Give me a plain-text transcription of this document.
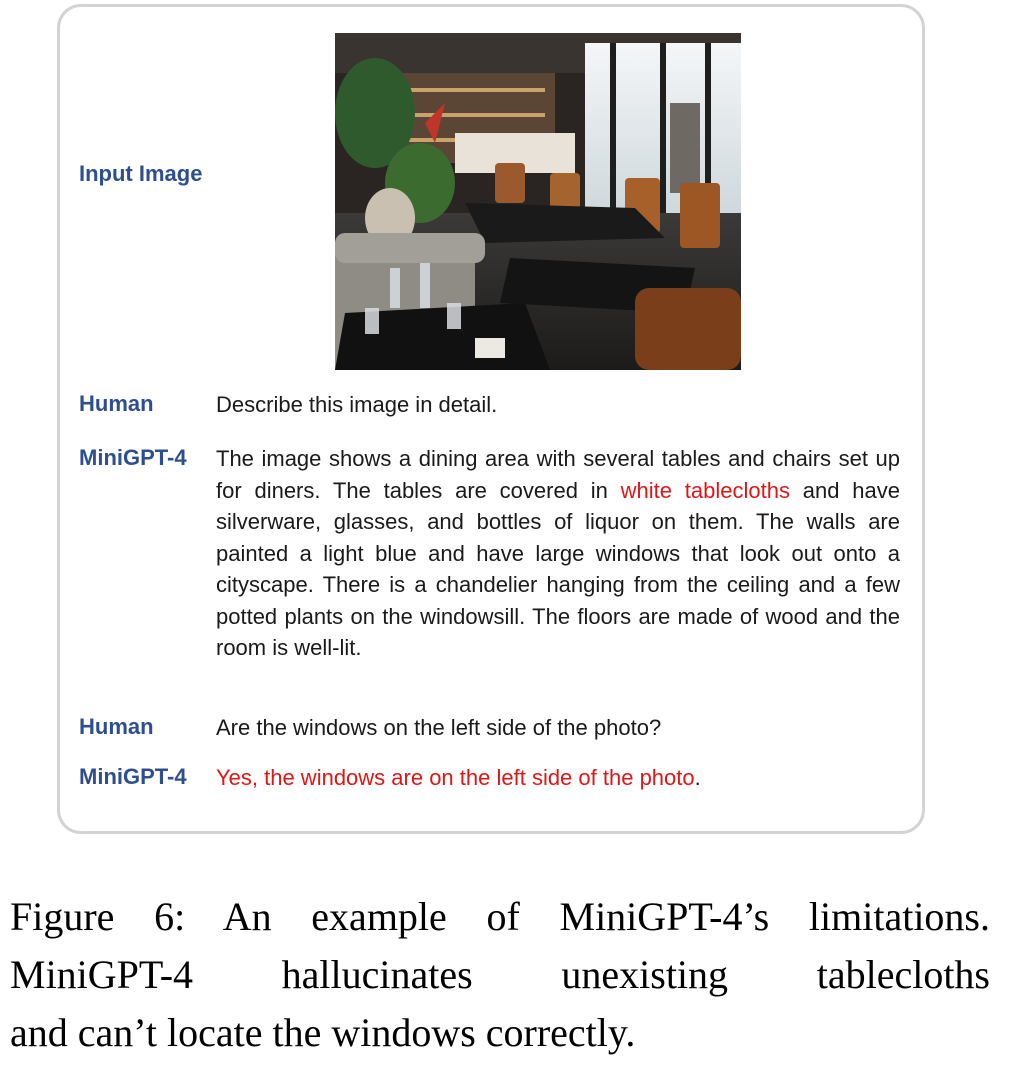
Input Image
Human	Describe this image in detail.
MiniGPT-4 The image shows a dining area with several tables and chairs set up for diners. The tables are covered in white tablecloths and have silverware, glasses, and bottles of liquor on them. The walls are painted a light blue and have large windows that look out onto a cityscape. There is a chandelier hanging from the ceiling and a few potted plants on the windowsill. The floors are made of wood and the room is well-lit.
Human	Are the windows on the left side of the photo?
MiniGPT-4 Yes, the windows are on the left side of the photo.
Figure 6: An example of MiniGPT-4’s limitations.
MiniGPT-4 hallucinates unexisting tablecloths
and can’t locate the windows correctly.
